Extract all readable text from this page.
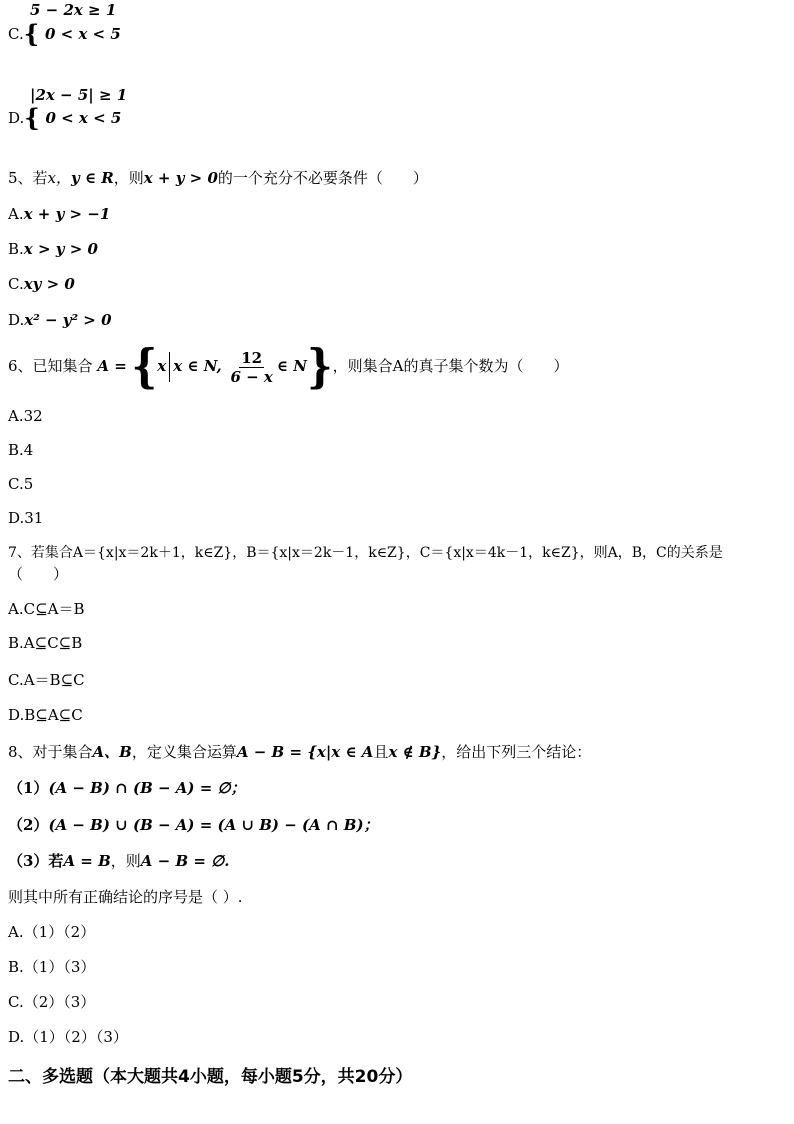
5 − 2x ≥ 1
C.{ 0 < x < 5
|2x − 5| ≥ 1
D.{ 0 < x < 5
5、若x，y ∈ R，则x + y > 0的一个充分不必要条件（　　）
A.x + y > −1
B.x > y > 0
C.xy > 0
D.x² − y² > 0
6、已知集合 A = {x x ∈ N, $\frac{12}{6 - x}$ ∈ N}，则集合A的真子集个数为（　　）
A.32
B.4
C.5
D.31
7、若集合A＝{x|x＝2k＋1，k∈Z}，B＝{x|x＝2k－1，k∈Z}，C＝{x|x＝4k－1，k∈Z}，则A，B，C的关系是
（　　）
A.C⊆A＝B
B.A⊆C⊆B
C.A＝B⊆C
D.B⊆A⊆C
8、对于集合A、B，定义集合运算A − B = {x|x ∈ A且x ∉ B}，给出下列三个结论：
（1）(A − B) ∩ (B − A) = ∅；
（2）(A − B) ∪ (B − A) = (A ∪ B) − (A ∩ B)；
（3）若A = B，则A − B = ∅.
则其中所有正确结论的序号是（ ）.
A.（1）（2）
B.（1）（3）
C.（2）（3）
D.（1）（2）（3）
二、多选题（本大题共4小题，每小题5分，共20分）
